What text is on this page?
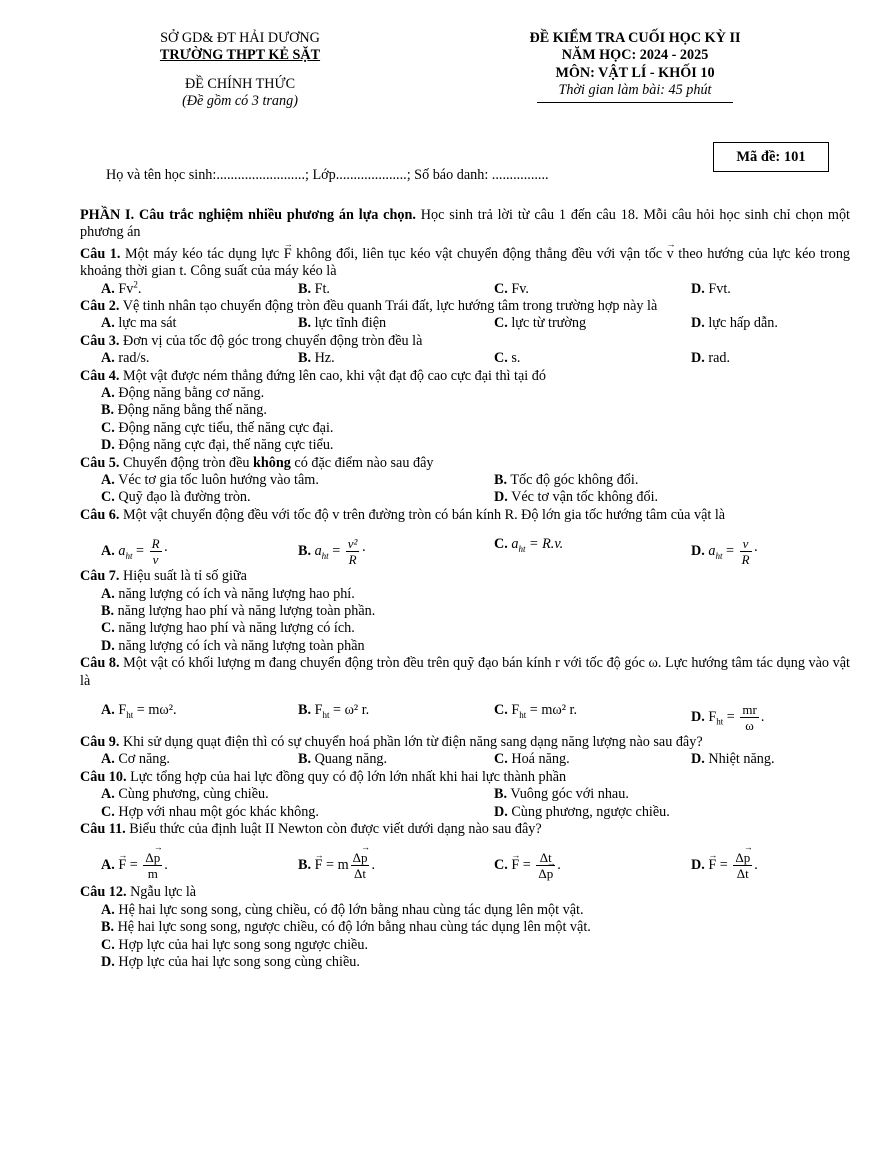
SỞ GD& ĐT HẢI DƯƠNG
TRƯỜNG THPT KẺ SẶT
ĐỀ CHÍNH THỨC
(Đề gồm có 3 trang)
ĐỀ KIỂM TRA CUỐI HỌC KỲ II
NĂM HỌC: 2024 - 2025
MÔN: VẬT LÍ - KHỐI 10
Thời gian làm bài: 45 phút
Mã đề: 101
Họ và tên học sinh:.........................; Lớp....................; Số báo danh: ................

PHẦN I. Câu trắc nghiệm nhiều phương án lựa chọn. Học sinh trả lời từ câu 1 đến câu 18. Mỗi câu hỏi học sinh chỉ chọn một phương án

Câu 1. Một máy kéo tác dụng lực → F không đổi, liên tục kéo vật chuyển động thẳng đều với vận tốc → v theo hướng của lực kéo trong khoảng thời gian t. Công suất của máy kéo là

A. Fv$^2$.	B. Ft.	C. Fv.	D. Fvt.

Câu 2. Vệ tinh nhân tạo chuyển động tròn đều quanh Trái đất, lực hướng tâm trong trường hợp này là

A. lực ma sát	B. lực tĩnh điện	C. lực từ trường	D. lực hấp dẫn.

Câu 3. Đơn vị của tốc độ góc trong chuyển động tròn đều là

A. rad/s.	B. Hz.	C. s.	D. rad.

Câu 4. Một vật được ném thẳng đứng lên cao, khi vật đạt độ cao cực đại thì tại đó

A. Động năng bằng cơ năng.
B. Động năng bằng thế năng.
C. Động năng cực tiểu, thế năng cực đại.
D. Động năng cực đại, thế năng cực tiểu.

Câu 5. Chuyển động tròn đều không có đặc điểm nào sau đây

A. Véc tơ gia tốc luôn hướng vào tâm.	B. Tốc độ góc không đổi.
C. Quỹ đạo là đường tròn.	D. Véc tơ vận tốc không đổi.

Câu 6. Một vật chuyển động đều với tốc độ v trên đường tròn có bán kính R. Độ lớn gia tốc hướng tâm của vật là

A. $a_{ht} = \frac{R}{v}$ ·	B. $a_{ht} = \frac{\text{v²}}{R}$ ·	C. $a_{ht} = R.v$.	D. $a_{ht} = \frac{v}{R}$ ·

Câu 7. Hiệu suất là tỉ số giữa

A. năng lượng có ích và năng lượng hao phí.
B. năng lượng hao phí và năng lượng toàn phần.
C. năng lượng hao phí và năng lượng có ích.
D. năng lượng có ích và năng lượng toàn phần

Câu 8. Một vật có khối lượng m đang chuyển động tròn đều trên quỹ đạo bán kính r với tốc độ góc ω. Lực hướng tâm tác dụng vào vật là

A. $F_{ht} = m\omega^2$.	B. $F_{ht} = \omega^2$ r.	C. $F_{ht} = m\omega^2$ r.	D. $F_{ht} = \frac{mr}{\omega}$ .

Câu 9. Khi sử dụng quạt điện thì có sự chuyển hoá phần lớn từ điện năng sang dạng năng lượng nào sau đây?

A. Cơ năng.	B. Quang năng.	C. Hoá năng.	D. Nhiệt năng.

Câu 10. Lực tổng hợp của hai lực đồng quy có độ lớn lớn nhất khi hai lực thành phần

A. Cùng phương, cùng chiều.	B. Vuông góc với nhau.
C. Hợp với nhau một góc khác không.	D. Cùng phương, ngược chiều.

Câu 11. Biểu thức của định luật II Newton còn được viết dưới dạng nào sau đây?

A. → $F = \frac{\Delta\to p}{m}$ .	B. → F = m $\frac{\Delta\to p}{\Delta t}$ .	C. → $F = \frac{\Delta t}{\Delta\to p}$ .	D. → $F = \frac{\Delta\to p}{\Delta t}$ .

Câu 12. Ngẫu lực là

A. Hệ hai lực song song, cùng chiều, có độ lớn bằng nhau cùng tác dụng lên một vật.
B. Hệ hai lực song song, ngược chiều, có độ lớn bằng nhau cùng tác dụng lên một vật.
C. Hợp lực của hai lực song song ngược chiều.
D. Hợp lực của hai lực song song cùng chiều.
